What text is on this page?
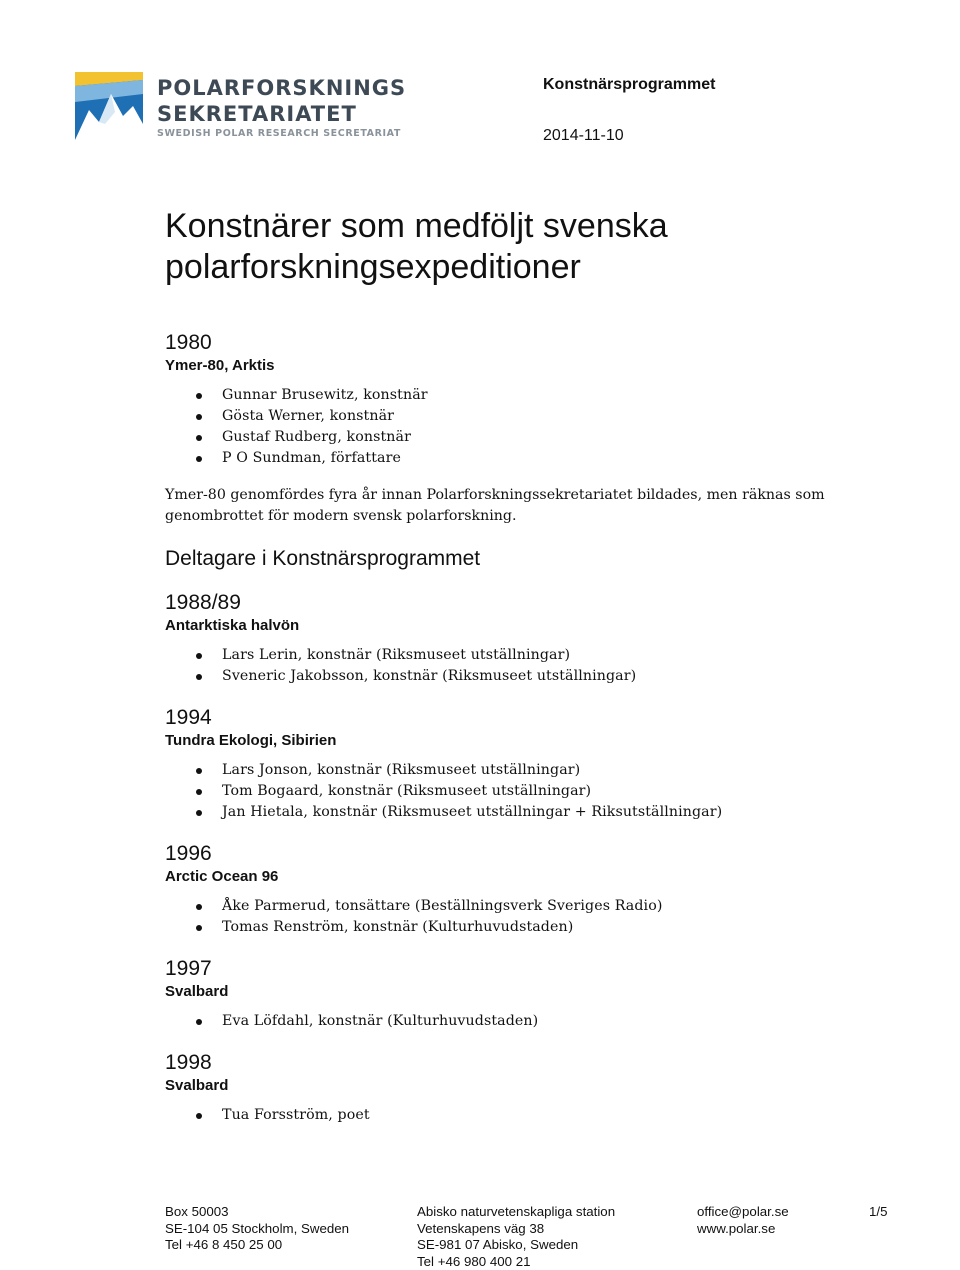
POLARFORSKNINGS
SEKRETARIATET
SWEDISH POLAR RESEARCH SECRETARIAT
Konstnärsprogrammet
2014-11-10
Konstnärer som medföljt svenska polarforskningsexpeditioner
1980
Ymer-80, Arktis
Gunnar Brusewitz, konstnär
Gösta Werner, konstnär
Gustaf Rudberg, konstnär
P O Sundman, författare
Ymer-80 genomfördes fyra år innan Polarforskningssekretariatet bildades, men räknas som genombrottet för modern svensk polarforskning.
Deltagare i Konstnärsprogrammet
1988/89
Antarktiska halvön
Lars Lerin, konstnär (Riksmuseet utställningar)
Sveneric Jakobsson, konstnär (Riksmuseet utställningar)
1994
Tundra Ekologi, Sibirien
Lars Jonson, konstnär (Riksmuseet utställningar)
Tom Bogaard, konstnär (Riksmuseet utställningar)
Jan Hietala, konstnär (Riksmuseet utställningar + Riksutställningar)
1996
Arctic Ocean 96
Åke Parmerud, tonsättare (Beställningsverk Sveriges Radio)
Tomas Renström, konstnär (Kulturhuvudstaden)
1997
Svalbard
Eva Löfdahl, konstnär (Kulturhuvudstaden)
1998
Svalbard
Tua Forsström, poet
Box 50003
SE-104 05 Stockholm, Sweden
Tel +46 8 450 25 00
Abisko naturvetenskapliga station
Vetenskapens väg 38
SE-981 07 Abisko, Sweden
Tel +46 980 400 21
office@polar.se
www.polar.se
1/5
